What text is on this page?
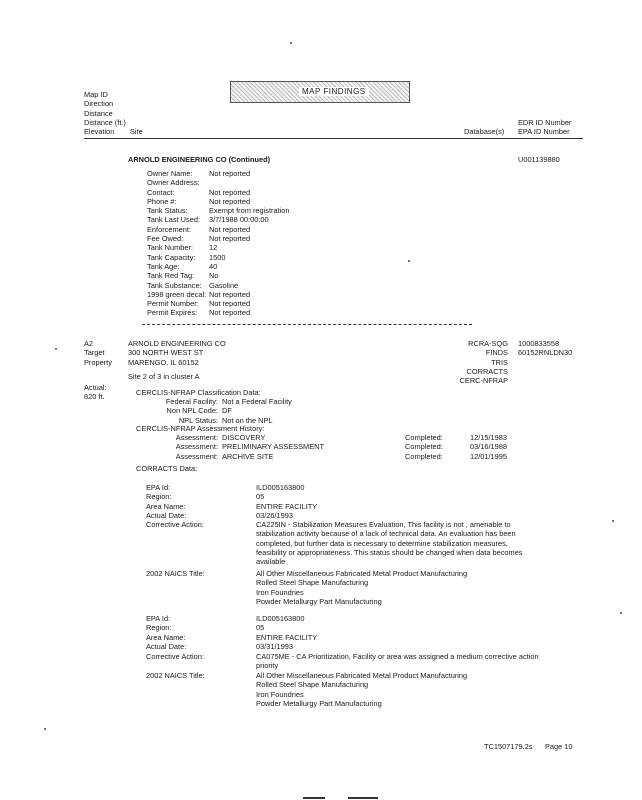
MAP FINDINGS
Map ID
Direction
Distance
Distance (ft.)
Elevation	Site	Database(s)
EDR ID Number
EPA ID Number
ARNOLD ENGINEERING CO (Continued)	U001139880
Owner Name:	Not reported
Owner Address:
Contact:	Not reported
Phone #:	Not reported
Tank Status:	Exempt from registration
Tank Last Used:	3/7/1988 00:00:00
Enforcement:	Not reported
Fee Owed:	Not reported
Tank Number:	12
Tank Capacity:	1500
Tank Age:	40
Tank Red Tag:	No
Tank Substance: Gasoline
1998 green decal: Not reported
Permit Number:	Not reported
Permit Expires:	Not reported
A2
Target
Property
ARNOLD ENGINEERING CO
300 NORTH WEST ST
MARENGO, IL 60152
RCRA-SQG
FINDS
TRIS
CORRACTS
CERC-NFRAP
1000833558
60152RNLDN30
Site 2 of 3 in cluster A
Actual:
820 ft.	CERCLIS-NFRAP Classification Data:
Federal Facility: Not a Federal Facility
Non NPL Code: DF
NPL Status: Not on the NPL
CERCLIS-NFRAP Assessment History:
Assessment: DISCOVERY	Completed:	12/15/1983
Assessment: PRELIMINARY ASSESSMENT	Completed:	03/16/1988
Assessment: ARCHIVE SITE	Completed:	12/01/1995
CORRACTS Data:
EPA Id:	ILD005163800
Region:	05
Area Name:	ENTIRE FACILITY
Actual Date:	03/26/1993
Corrective Action:	CA225IN - Stabilization Measures Evaluation, This facility is not , amenable to stabilization activity because of a lack of technical data. An evaluation has been completed, but further data is necessary to determine stabilization measures, feasibility or appropriateness. This status should be changed when data becomes available
2002 NAICS Title:	All Other Miscellaneous Fabricated Metal Product Manufacturing
Rolled Steel Shape Manufacturing
Iron Foundries
Powder Metallurgy Part Manufacturing
EPA Id:	ILD005163800
Region:	05
Area Name:	ENTIRE FACILITY
Actual Date:	03/31/1993
Corrective Action:	CA075ME - CA Prioritization, Facility or area was assigned a medium corrective action priority
2002 NAICS Title:	All Other Miscellaneous Fabricated Metal Product Manufacturing
Rolled Steel Shape Manufacturing
Iron Foundries
Powder Metallurgy Part Manufacturing
TC1507179.2s Page 10
